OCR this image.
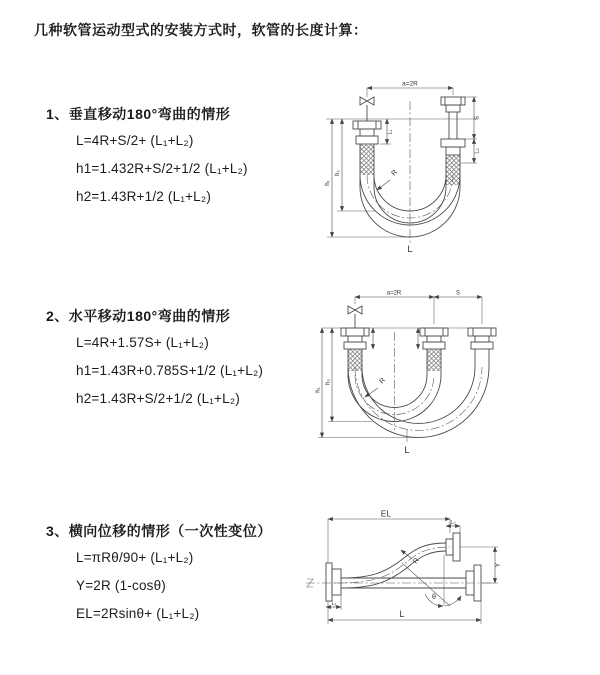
几种软管运动型式的安装方式时，软管的长度计算：
1、垂直移动180°弯曲的情形
L=4R+S/2+ (L₁+L₂)
h1=1.432R+S/2+1/2 (L₁+L₂)
h2=1.43R+1/2 (L₁+L₂)
2、水平移动180°弯曲的情形
L=4R+1.57S+ (L₁+L₂)
h1=1.43R+0.785S+1/2 (L₁+L₂)
h2=1.43R+S/2+1/2 (L₁+L₂)
3、横向位移的情形（一次性变位）
L=πRθ/90+ (L₁+L₂)
Y=2R (1-cosθ)
EL=2Rsinθ+ (L₁+L₂)
a=2R
L₁
S
L₂
h₁
h₂	R
L
a=2R	S
h₁
h₂	R
L
EL
L₂
Y
θ
R
L
L₁
